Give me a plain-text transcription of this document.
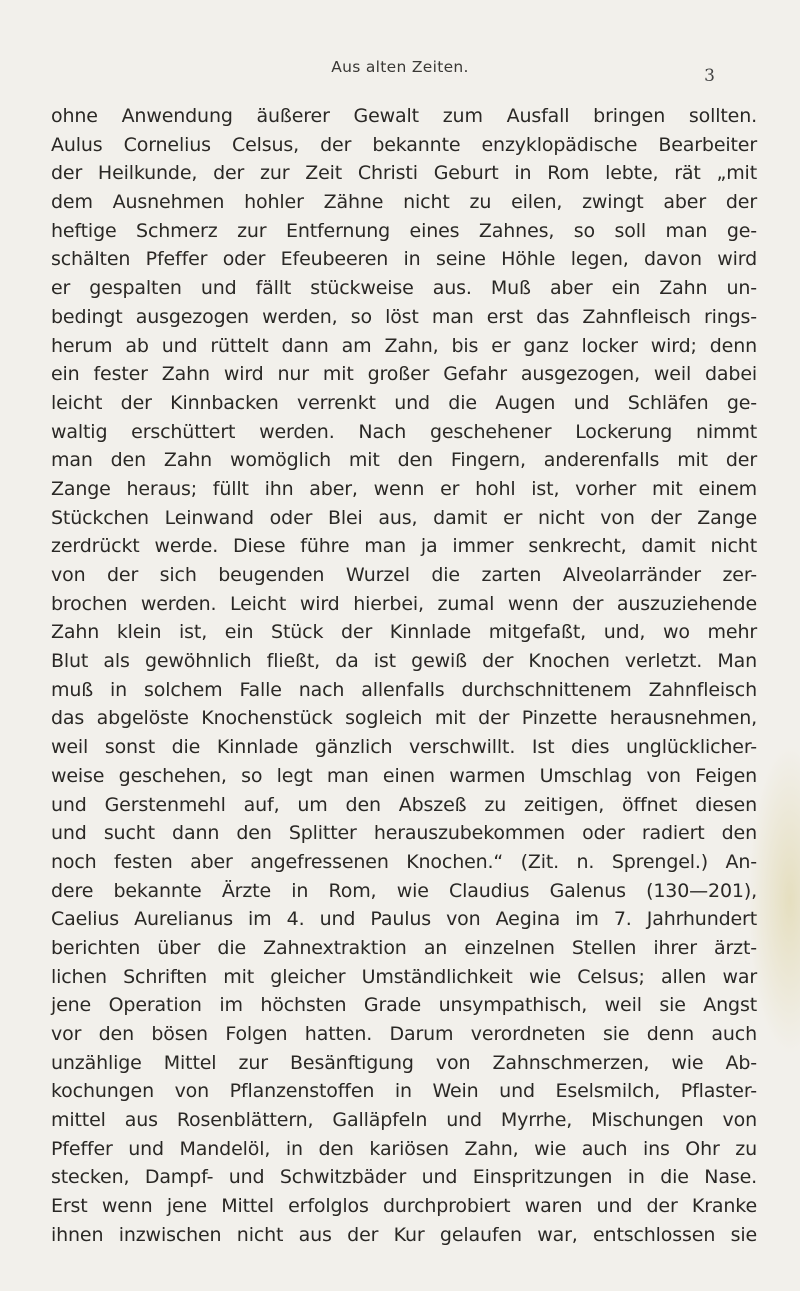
Aus alten Zeiten.	3
ohne Anwendung äußerer Gewalt zum Ausfall bringen sollten.
Aulus Cornelius Celsus, der bekannte enzyklopädische Bearbeiter
der Heilkunde, der zur Zeit Christi Geburt in Rom lebte, rät „mit
dem Ausnehmen hohler Zähne nicht zu eilen, zwingt aber der
heftige Schmerz zur Entfernung eines Zahnes, so soll man ge-
schälten Pfeffer oder Efeubeeren in seine Höhle legen, davon wird
er gespalten und fällt stückweise aus. Muß aber ein Zahn un-
bedingt ausgezogen werden, so löst man erst das Zahnfleisch rings-
herum ab und rüttelt dann am Zahn, bis er ganz locker wird; denn
ein fester Zahn wird nur mit großer Gefahr ausgezogen, weil dabei
leicht der Kinnbacken verrenkt und die Augen und Schläfen ge-
waltig erschüttert werden. Nach geschehener Lockerung nimmt
man den Zahn womöglich mit den Fingern, anderenfalls mit der
Zange heraus; füllt ihn aber, wenn er hohl ist, vorher mit einem
Stückchen Leinwand oder Blei aus, damit er nicht von der Zange
zerdrückt werde. Diese führe man ja immer senkrecht, damit nicht
von der sich beugenden Wurzel die zarten Alveolarränder zer-
brochen werden. Leicht wird hierbei, zumal wenn der auszuziehende
Zahn klein ist, ein Stück der Kinnlade mitgefaßt, und, wo mehr
Blut als gewöhnlich fließt, da ist gewiß der Knochen verletzt. Man
muß in solchem Falle nach allenfalls durchschnittenem Zahnfleisch
das abgelöste Knochenstück sogleich mit der Pinzette herausnehmen,
weil sonst die Kinnlade gänzlich verschwillt. Ist dies unglücklicher-
weise geschehen, so legt man einen warmen Umschlag von Feigen
und Gerstenmehl auf, um den Abszeß zu zeitigen, öffnet diesen
und sucht dann den Splitter herauszubekommen oder radiert den
noch festen aber angefressenen Knochen.“ (Zit. n. Sprengel.) An-
dere bekannte Ärzte in Rom, wie Claudius Galenus (130—201),
Caelius Aurelianus im 4. und Paulus von Aegina im 7. Jahrhundert
berichten über die Zahnextraktion an einzelnen Stellen ihrer ärzt-
lichen Schriften mit gleicher Umständlichkeit wie Celsus; allen war
jene Operation im höchsten Grade unsympathisch, weil sie Angst
vor den bösen Folgen hatten. Darum verordneten sie denn auch
unzählige Mittel zur Besänftigung von Zahnschmerzen, wie Ab-
kochungen von Pflanzenstoffen in Wein und Eselsmilch, Pflaster-
mittel aus Rosenblättern, Galläpfeln und Myrrhe, Mischungen von
Pfeffer und Mandelöl, in den kariösen Zahn, wie auch ins Ohr zu
stecken, Dampf- und Schwitzbäder und Einspritzungen in die Nase.
Erst wenn jene Mittel erfolglos durchprobiert waren und der Kranke
ihnen inzwischen nicht aus der Kur gelaufen war, entschlossen sie
